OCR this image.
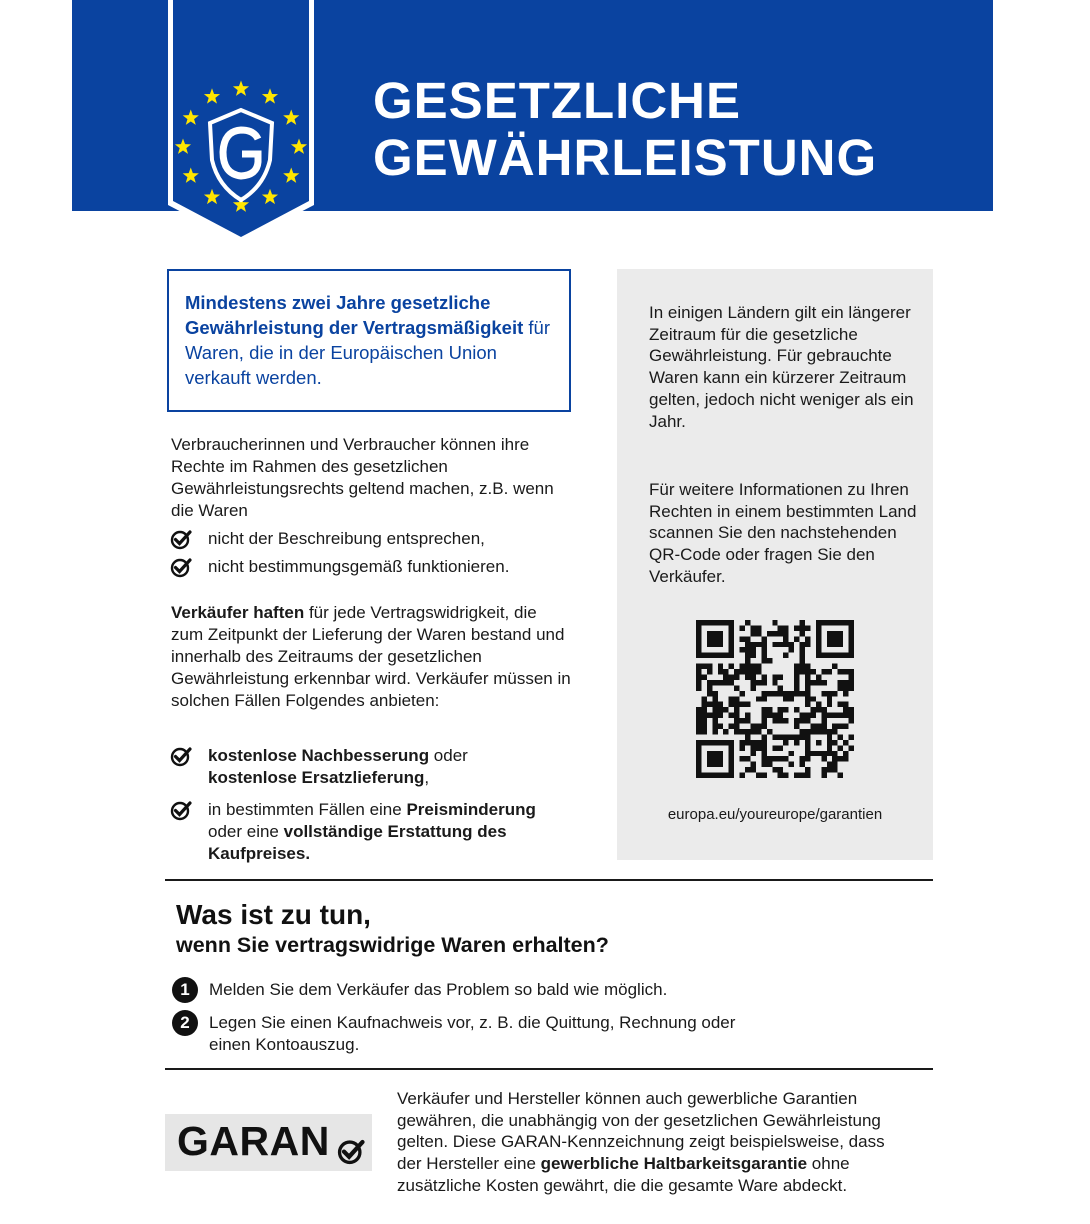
GESETZLICHE
GEWÄHRLEISTUNG
Mindestens zwei Jahre gesetzliche Gewährleistung der Vertragsmäßigkeit für Waren, die in der Europäischen Union verkauft werden.
Verbraucherinnen und Verbraucher können ihre Rechte im Rahmen des gesetzlichen Gewährleistungsrechts geltend machen, z.B. wenn die Waren
nicht der Beschreibung entsprechen,
nicht bestimmungsgemäß funktionieren.
Verkäufer haften für jede Vertragswidrigkeit, die zum Zeitpunkt der Lieferung der Waren bestand und innerhalb des Zeitraums der gesetzlichen Gewährleistung erkennbar wird. Verkäufer müssen in solchen Fällen Folgendes anbieten:
kostenlose Nachbesserung oder
kostenlose Ersatzlieferung,
in bestimmten Fällen eine Preisminderung
oder eine vollständige Erstattung des Kaufpreises.
In einigen Ländern gilt ein längerer Zeitraum für die gesetzliche Gewährleistung. Für gebrauchte Waren kann ein kürzerer Zeitraum gelten, jedoch nicht weniger als ein Jahr.
Für weitere Informationen zu Ihren Rechten in einem bestimmten Land scannen Sie den nachstehenden QR-Code oder fragen Sie den Verkäufer.
europa.eu/youreurope/garantien
Was ist zu tun,
wenn Sie vertragswidrige Waren erhalten?
1	Melden Sie dem Verkäufer das Problem so bald wie möglich.
2	Legen Sie einen Kaufnachweis vor, z. B. die Quittung, Rechnung oder einen Kontoauszug.
GARAN
Verkäufer und Hersteller können auch gewerbliche Garantien gewähren, die unabhängig von der gesetzlichen Gewährleistung gelten. Diese GARAN-Kennzeichnung zeigt beispielsweise, dass der Hersteller eine gewerbliche Haltbarkeitsgarantie ohne zusätzliche Kosten gewährt, die die gesamte Ware abdeckt.
